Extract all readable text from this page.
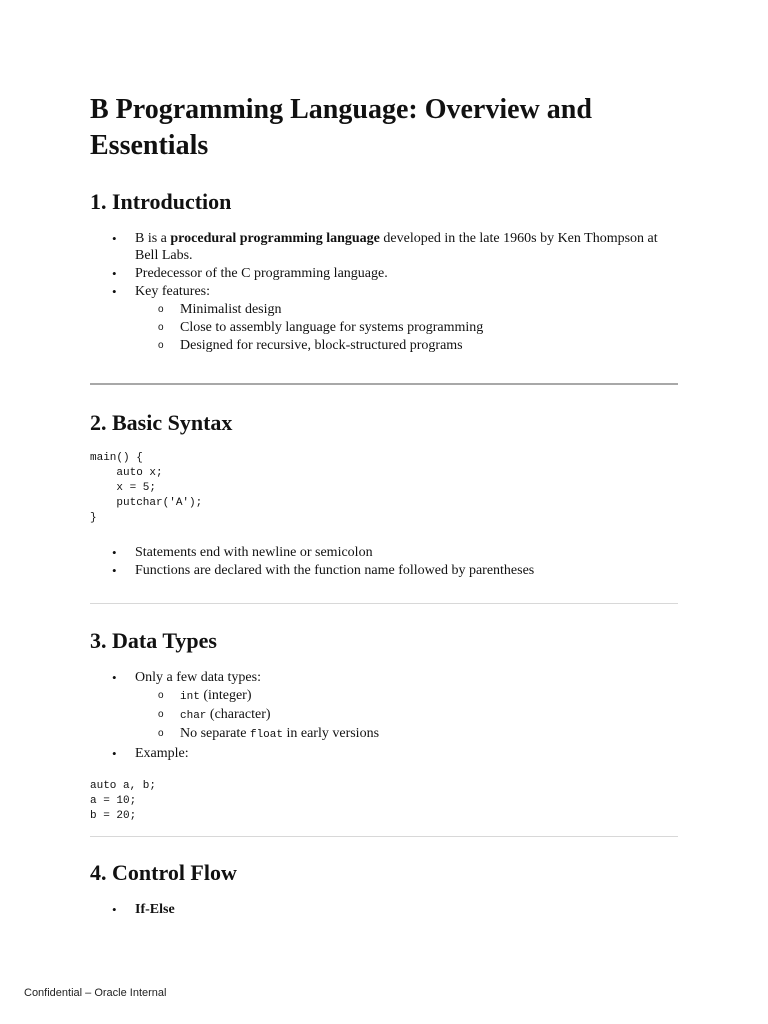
B Programming Language: Overview and Essentials
1. Introduction
• B is a procedural programming language developed in the late 1960s by Ken Thompson at Bell Labs.
• Predecessor of the C programming language.
• Key features:
o Minimalist design
o Close to assembly language for systems programming
o Designed for recursive, block-structured programs
2. Basic Syntax
main() {
auto x;
x = 5;
putchar('A');
}
• Statements end with newline or semicolon
• Functions are declared with the function name followed by parentheses
3. Data Types
• Only a few data types:
o int (integer)
o char (character)
o No separate float in early versions
• Example:
auto a, b;
a = 10;
b = 20;
4. Control Flow
• If-Else
Confidential – Oracle Internal
